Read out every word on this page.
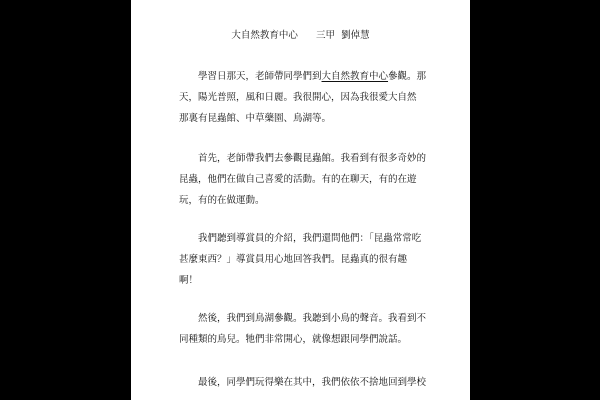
大自然教育中心 三甲 劉倬慧
學習日那天，老師帶同學們到大自然教育中心參觀。那
天，陽光普照，風和日麗。我很開心，因為我很愛大自然
那裏有昆蟲館、中草藥園、鳥湖等。
首先，老師帶我們去參觀昆蟲館。我看到有很多奇妙的
昆蟲，他們在做自己喜愛的活動。有的在聊天，有的在遊
玩，有的在做運動。
我們聽到導賞員的介紹，我們還問他們：「昆蟲常常吃
甚麼東西？」導賞員用心地回答我們。昆蟲真的很有趣
啊！
然後，我們到鳥湖參觀。我聽到小鳥的聲音。我看到不
同種類的鳥兒。牠們非常開心，就像想跟同學們說話。
最後，同學們玩得樂在其中，我們依依不捨地回到學校
